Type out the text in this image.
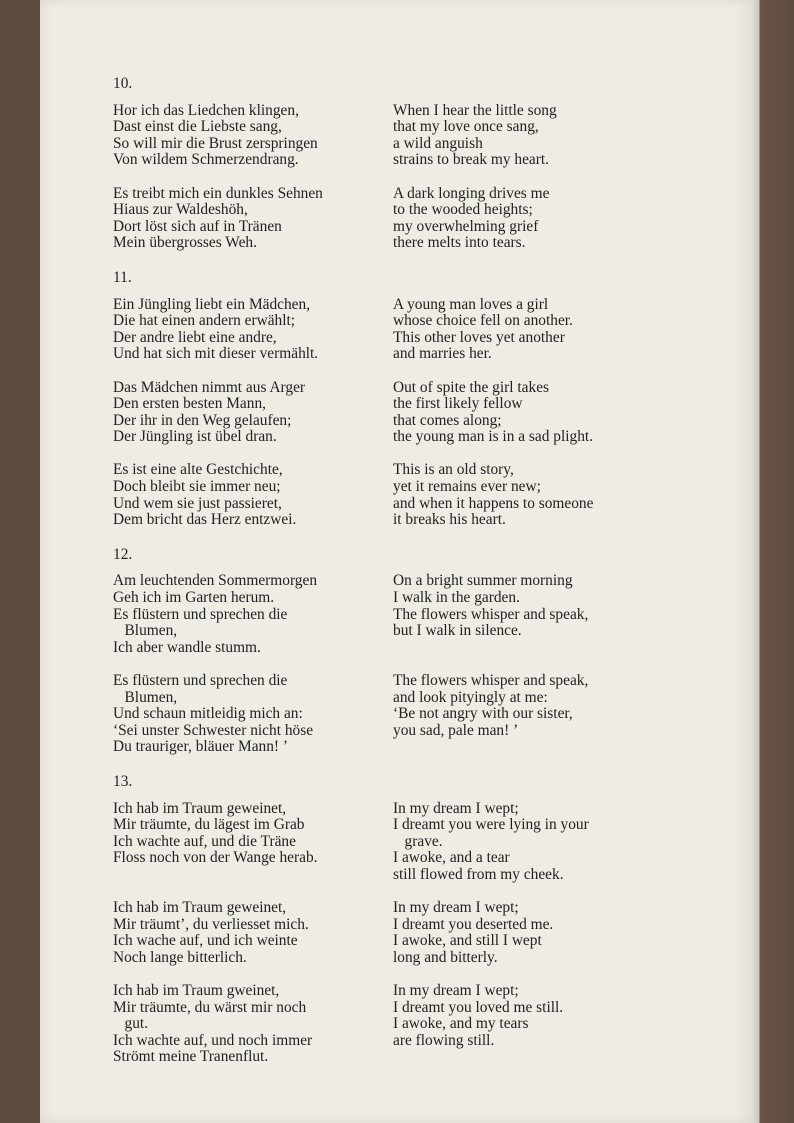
10.
Hor ich das Liedchen klingen,
Dast einst die Liebste sang,
So will mir die Brust zerspringen
Von wildem Schmerzendrang.
When I hear the little song
that my love once sang,
a wild anguish
strains to break my heart.
Es treibt mich ein dunkles Sehnen
Hiaus zur Waldeshöh,
Dort löst sich auf in Tränen
Mein übergrosses Weh.
A dark longing drives me
to the wooded heights;
my overwhelming grief
there melts into tears.
11.
Ein Jüngling liebt ein Mädchen,
Die hat einen andern erwählt;
Der andre liebt eine andre,
Und hat sich mit dieser vermählt.
A young man loves a girl
whose choice fell on another.
This other loves yet another
and marries her.
Das Mädchen nimmt aus Arger
Den ersten besten Mann,
Der ihr in den Weg gelaufen;
Der Jüngling ist übel dran.
Out of spite the girl takes
the first likely fellow
that comes along;
the young man is in a sad plight.
Es ist eine alte Gestchichte,
Doch bleibt sie immer neu;
Und wem sie just passieret,
Dem bricht das Herz entzwei.
This is an old story,
yet it remains ever new;
and when it happens to someone
it breaks his heart.
12.
Am leuchtenden Sommermorgen
Geh ich im Garten herum.
Es flüstern und sprechen die
Blumen,
Ich aber wandle stumm.
On a bright summer morning
I walk in the garden.
The flowers whisper and speak,
but I walk in silence.
Es flüstern und sprechen die
Blumen,
Und schaun mitleidig mich an:
‘Sei unster Schwester nicht höse
Du trauriger, bläuer Mann! ’
The flowers whisper and speak,
and look pityingly at me:
‘Be not angry with our sister,
you sad, pale man! ’
13.
Ich hab im Traum geweinet,
Mir träumte, du lägest im Grab
Ich wachte auf, und die Träne
Floss noch von der Wange herab.
In my dream I wept;
I dreamt you were lying in your
grave.
I awoke, and a tear
still flowed from my cheek.
Ich hab im Traum geweinet,
Mir träumt’, du verliesset mich.
Ich wache auf, und ich weinte
Noch lange bitterlich.
In my dream I wept;
I dreamt you deserted me.
I awoke, and still I wept
long and bitterly.
Ich hab im Traum gweinet,
Mir träumte, du wärst mir noch
gut.
Ich wachte auf, und noch immer
Strömt meine Tranenflut.
In my dream I wept;
I dreamt you loved me still.
I awoke, and my tears
are flowing still.
